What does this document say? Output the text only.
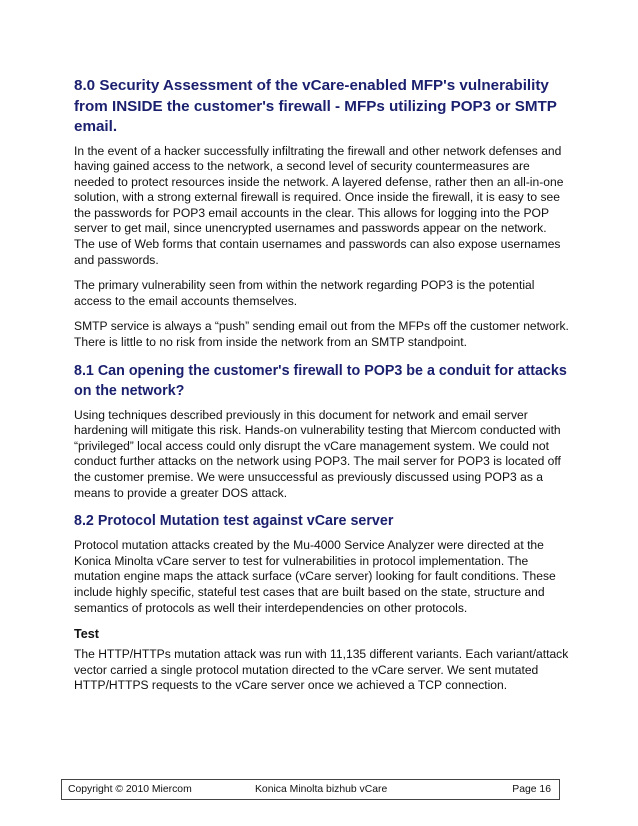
8.0 Security Assessment of the vCare-enabled MFP's vulnerability from INSIDE the customer's firewall - MFPs utilizing POP3 or SMTP email.

In the event of a hacker successfully infiltrating the firewall and other network defenses and having gained access to the network, a second level of security countermeasures are needed to protect resources inside the network. A layered defense, rather then an all-in-one solution, with a strong external firewall is required. Once inside the firewall, it is easy to see the passwords for POP3 email accounts in the clear. This allows for logging into the POP server to get mail, since unencrypted usernames and passwords appear on the network. The use of Web forms that contain usernames and passwords can also expose usernames and passwords.

The primary vulnerability seen from within the network regarding POP3 is the potential access to the email accounts themselves.

SMTP service is always a “push” sending email out from the MFPs off the customer network. There is little to no risk from inside the network from an SMTP standpoint.

8.1 Can opening the customer's firewall to POP3 be a conduit for attacks on the network?

Using techniques described previously in this document for network and email server hardening will mitigate this risk. Hands-on vulnerability testing that Miercom conducted with “privileged” local access could only disrupt the vCare management system. We could not conduct further attacks on the network using POP3. The mail server for POP3 is located off the customer premise. We were unsuccessful as previously discussed using POP3 as a means to provide a greater DOS attack.

8.2 Protocol Mutation test against vCare server

Protocol mutation attacks created by the Mu-4000 Service Analyzer were directed at the Konica Minolta vCare server to test for vulnerabilities in protocol implementation. The mutation engine maps the attack surface (vCare server) looking for fault conditions. These include highly specific, stateful test cases that are built based on the state, structure and semantics of protocols as well their interdependencies on other protocols.

Test

The HTTP/HTTPs mutation attack was run with 11,135 different variants. Each variant/attack vector carried a single protocol mutation directed to the vCare server. We sent mutated HTTP/HTTPS requests to the vCare server once we achieved a TCP connection.

Copyright © 2010 Miercom	Konica Minolta bizhub vCare	Page 16
